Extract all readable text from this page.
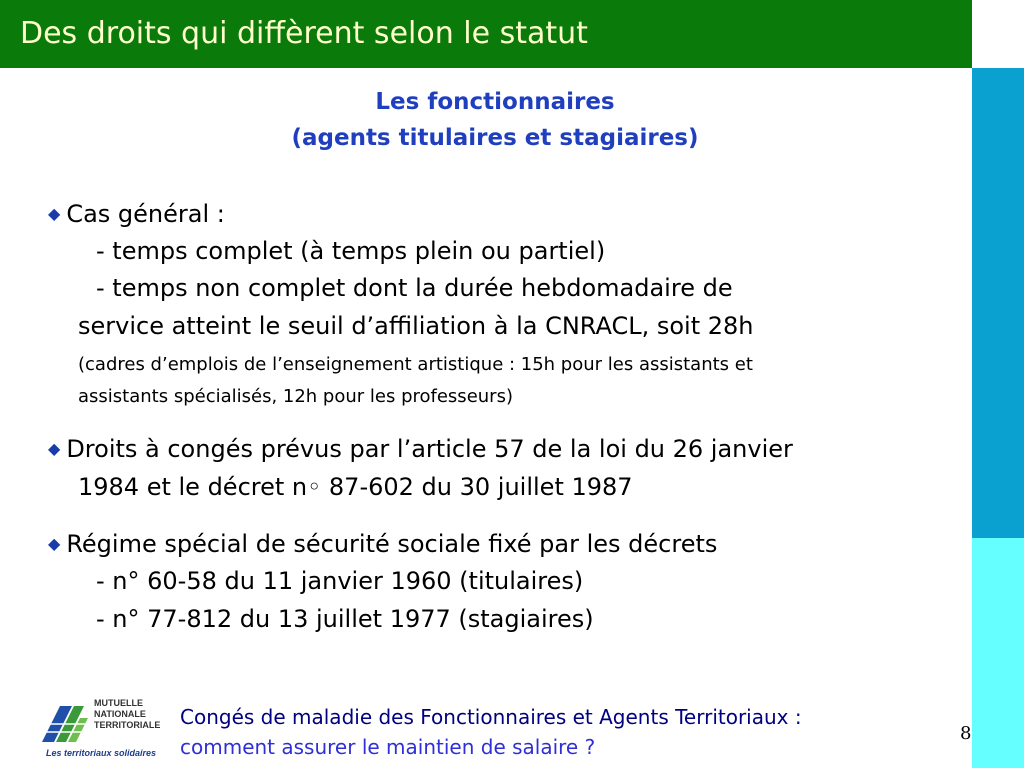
Des droits qui diffèrent selon le statut
Les fonctionnaires
(agents titulaires et stagiaires)
◆ Cas général :
- temps complet (à temps plein ou partiel)
- temps non complet dont la durée hebdomadaire de
service atteint le seuil d’affiliation à la CNRACL, soit 28h
(cadres d’emplois de l’enseignement artistique : 15h pour les assistants et
assistants spécialisés, 12h pour les professeurs)
◆ Droits à congés prévus par l’article 57 de la loi du 26 janvier
1984 et le décret n◦ 87-602 du 30 juillet 1987
◆ Régime spécial de sécurité sociale fixé par les décrets
- n° 60-58 du 11 janvier 1960 (titulaires)
- n° 77-812 du 13 juillet 1977 (stagiaires)
MUTUELLE
NATIONALE
TERRITORIALE
Les territoriaux solidaires
Congés de maladie des Fonctionnaires et Agents Territoriaux :
comment assurer le maintien de salaire ?
8
